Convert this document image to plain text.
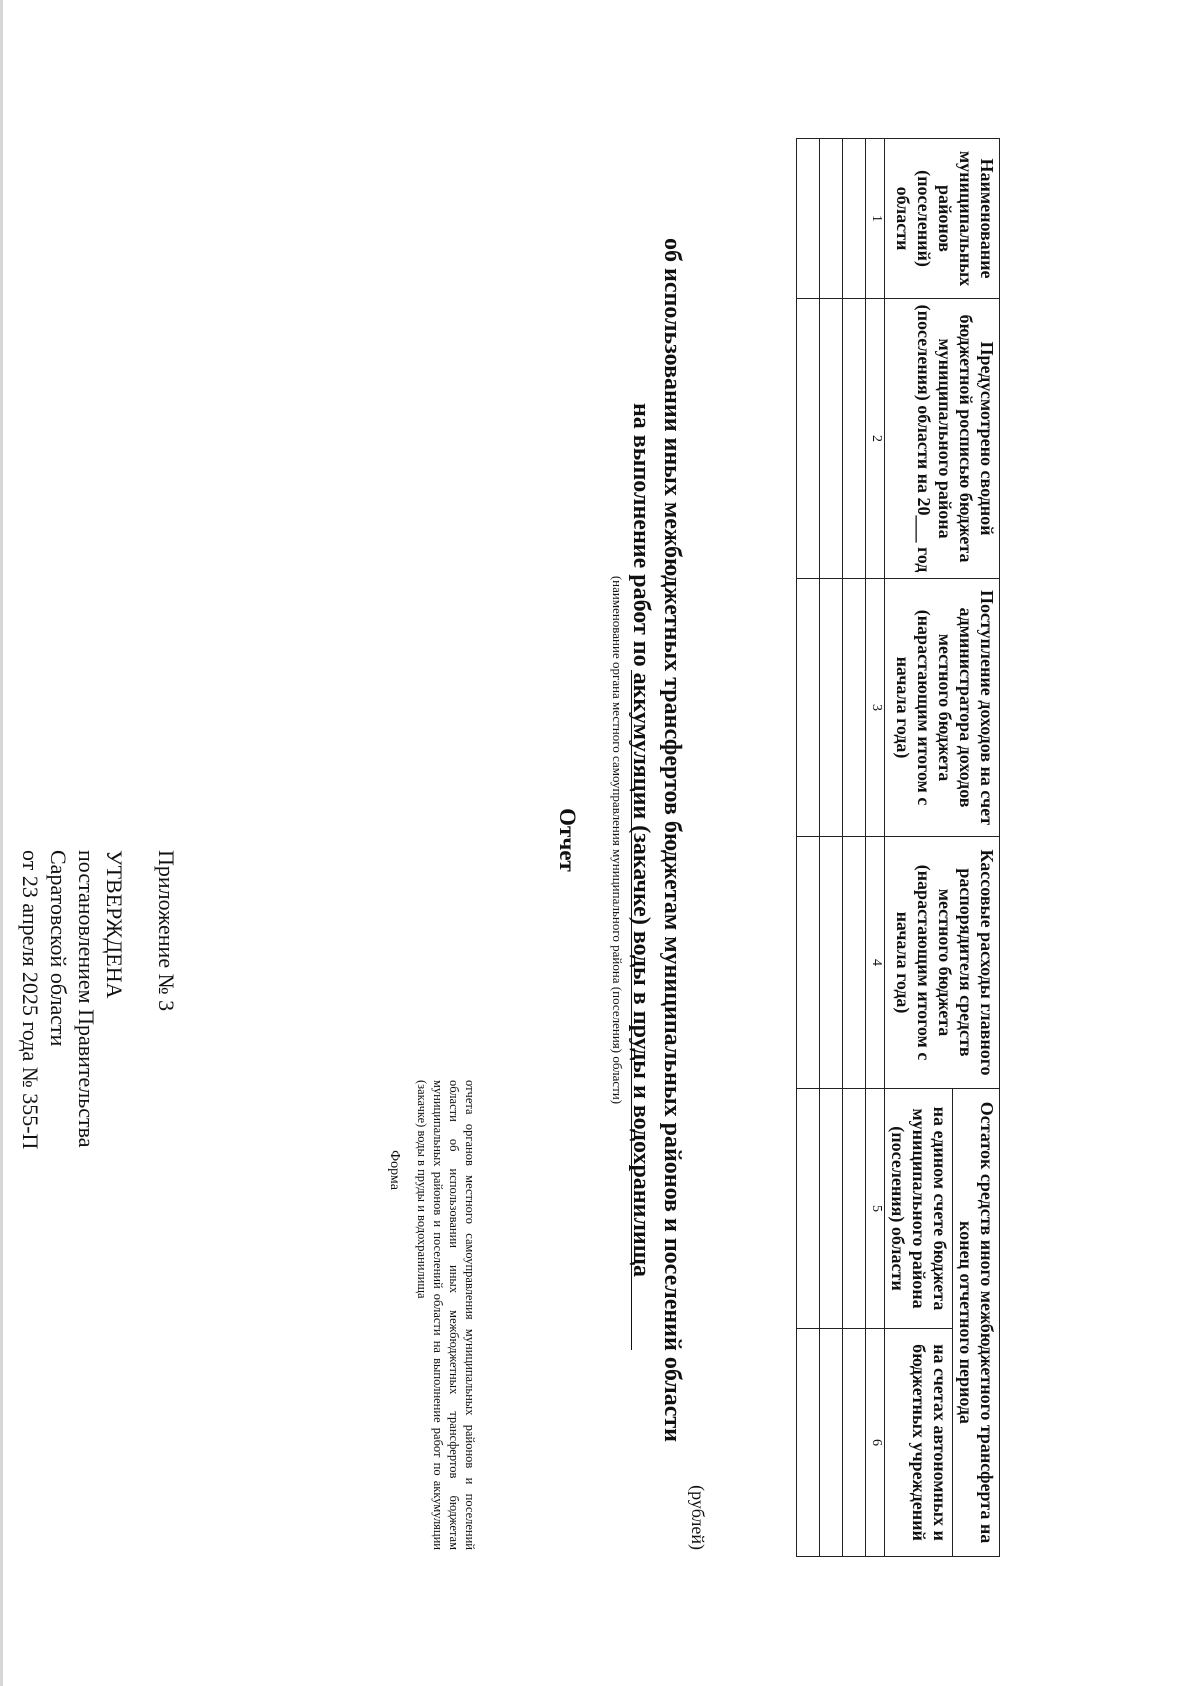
Приложение № 3
УТВЕРЖДЕНА
постановлением Правительства
Саратовской области
от 23 апреля 2025 года № 355-П
Форма	отчета органов местного самоуправления муниципальных районов и поселений области об использовании иных межбюджетных трансфертов бюджетам муниципальных районов и поселений области на выполнение работ по аккумуляции (закачке) воды в пруды и водохранилища
Отчет (наименование органа местного самоуправления муниципального района (поселения) области) об использовании иных межбюджетных трансфертов бюджетам муниципальных районов и поселений области
на выполнение работ по аккумуляции (закачке) воды в пруды и водохранилища
(рублей)
Наименование муниципальных районов (поселений) области	Предусмотрено сводной бюджетной росписью бюджета муниципального района (поселения) области на 20___ год	Поступление доходов на счет администратора доходов местного бюджета (нарастающим итогом с начала года)	Кассовые расходы главного распорядителя средств местного бюджета (нарастающим итогом с начала года)	Остаток средств иного межбюджетного трансферта на конец отчетного периода	
				на едином счете бюджета муниципального района (поселения) области	на счетах автономных и бюджетных учреждений
1	2	3	4	5	6
